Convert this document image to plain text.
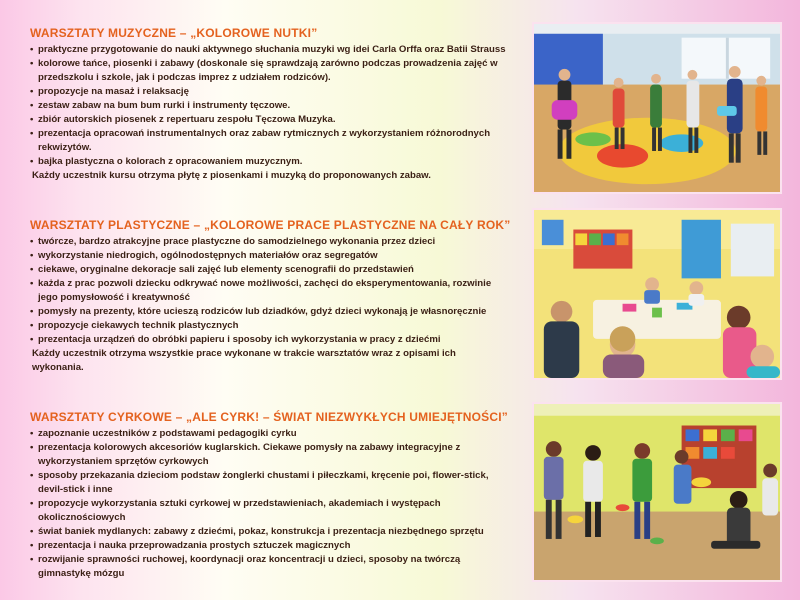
WARSZTATY MUZYCZNE – „KOLOROWE NUTKI”
• praktyczne przygotowanie do nauki aktywnego słuchania muzyki wg idei Carla Orffa oraz Batii Strauss
• kolorowe tańce, piosenki i zabawy (doskonale się sprawdzają zarówno podczas prowadzenia zajęć w przedszkolu i szkole, jak i podczas imprez z udziałem rodziców).
• propozycje na masaż i relaksację
• zestaw zabaw na bum bum rurki i instrumenty tęczowe.
• zbiór autorskich piosenek z repertuaru zespołu Tęczowa Muzyka.
• prezentacja opracowań instrumentalnych oraz zabaw rytmicznych z wykorzystaniem różnorodnych rekwizytów.
• bajka plastyczna o kolorach z opracowaniem muzycznym.
Każdy uczestnik kursu otrzyma płytę z piosenkami i muzyką do proponowanych zabaw.
WARSZTATY PLASTYCZNE – „KOLOROWE PRACE PLASTYCZNE NA CAŁY ROK”
• twórcze, bardzo atrakcyjne prace plastyczne do samodzielnego wykonania przez dzieci
• wykorzystanie niedrogich, ogólnodostępnych materiałów oraz segregatów
• ciekawe, oryginalne dekoracje sali zajęć lub elementy scenografii do przedstawień
• każda z prac pozwoli dziecku odkrywać nowe możliwości, zachęci do eksperymentowania, rozwinie jego pomysłowość i kreatywność
• pomysły na prezenty, które ucieszą rodziców lub dziadków, gdyż dzieci wykonają je własnoręcznie
• propozycje ciekawych technik plastycznych
• prezentacja urządzeń do obróbki papieru i sposoby ich wykorzystania w pracy z dziećmi
Każdy uczestnik otrzyma wszystkie prace wykonane w trakcie warsztatów wraz z opisami ich wykonania.
WARSZTATY CYRKOWE – „ALE CYRK! – ŚWIAT NIEZWYKŁYCH UMIEJĘTNOŚCI”
• zapoznanie uczestników z podstawami pedagogiki cyrku
• prezentacja kolorowych akcesoriów kuglarskich. Ciekawe pomysły na zabawy integracyjne z wykorzystaniem sprzętów cyrkowych
• sposoby przekazania dzieciom podstaw żonglerki chustami i piłeczkami, kręcenie poi, flower-stick, devil-stick i inne
• propozycje wykorzystania sztuki cyrkowej w przedstawieniach, akademiach i występach okolicznościowych
• świat baniek mydlanych: zabawy z dziećmi, pokaz, konstrukcja i prezentacja niezbędnego sprzętu
• prezentacja i nauka przeprowadzania prostych sztuczek magicznych
• rozwijanie sprawności ruchowej, koordynacji oraz koncentracji u dzieci, sposoby na twórczą gimnastykę mózgu
